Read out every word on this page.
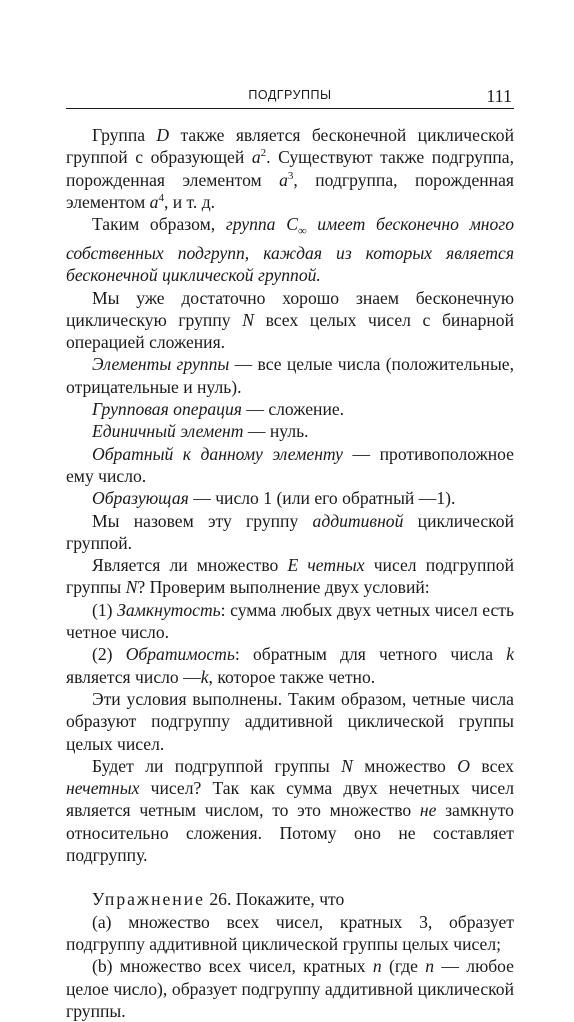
ПОДГРУППЫ	111

Группа D также является бесконечной циклической группой с образующей $a^2$. Существуют также подгруппа, порожденная элементом $a^3$, подгруппа, порожденная элементом $a^4$, и т. д.

Таким образом, группа $C_\infty$ имеет бесконечно много собственных подгрупп, каждая из которых является бесконечной циклической группой.

Мы уже достаточно хорошо знаем бесконечную циклическую группу N всех целых чисел с бинарной операцией сложения.

Элементы группы — все целые числа (положительные, отрицательные и нуль).

Групповая операция — сложение.

Единичный элемент — нуль.

Обратный к данному элементу — противоположное ему число.

Образующая — число 1 (или его обратный —1).

Мы назовем эту группу аддитивной циклической группой.

Является ли множество E четных чисел подгруппой группы N? Проверим выполнение двух условий:

(1) Замкнутость: сумма любых двух четных чисел есть четное число.

(2) Обратимость: обратным для четного числа k является число —k, которое также четно.

Эти условия выполнены. Таким образом, четные числа образуют подгруппу аддитивной циклической группы целых чисел.

Будет ли подгруппой группы N множество O всех нечетных чисел? Так как сумма двух нечетных чисел является четным числом, то это множество не замкнуто относительно сложения. Потому оно не составляет подгруппу.

Упражнение 26. Покажите, что

(a) множество всех чисел, кратных 3, образует подгруппу аддитивной циклической группы целых чисел;

(b) множество всех чисел, кратных n (где n — любое целое число), образует подгруппу аддитивной циклической группы.
